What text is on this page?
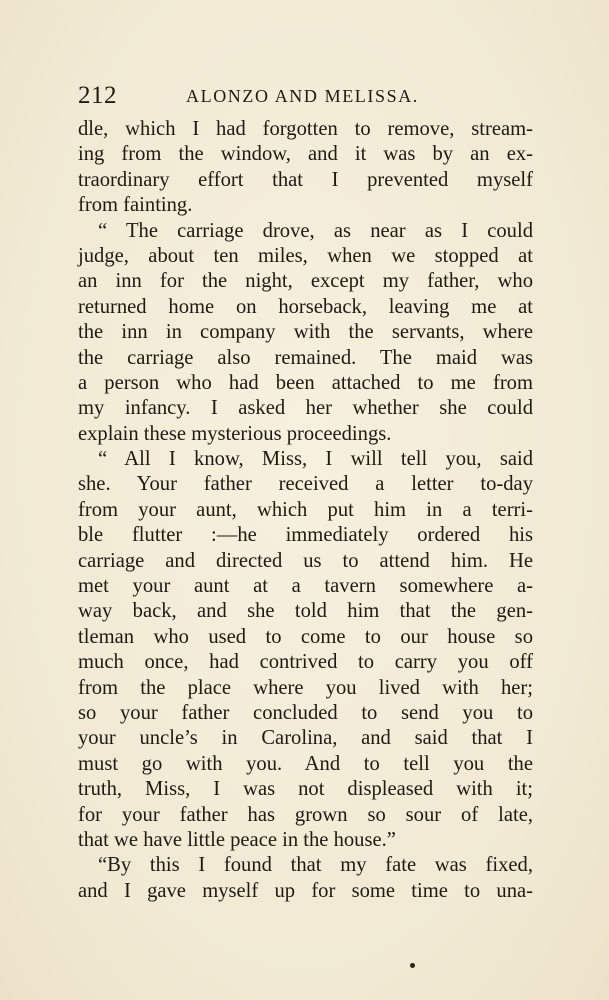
212	ALONZO AND MELISSA.
dle, which I had forgotten to remove, stream-
ing from the window, and it was by an ex-
traordinary effort that I prevented myself
from fainting.
“ The carriage drove, as near as I could
judge, about ten miles, when we stopped at
an inn for the night, except my father, who
returned home on horseback, leaving me at
the inn in company with the servants, where
the carriage also remained. The maid was
a person who had been attached to me from
my infancy. I asked her whether she could
explain these mysterious proceedings.
“ All I know, Miss, I will tell you, said
she. Your father received a letter to-day
from your aunt, which put him in a terri-
ble flutter :—he immediately ordered his
carriage and directed us to attend him. He
met your aunt at a tavern somewhere a-
way back, and she told him that the gen-
tleman who used to come to our house so
much once, had contrived to carry you off
from the place where you lived with her;
so your father concluded to send you to
your uncle’s in Carolina, and said that I
must go with you. And to tell you the
truth, Miss, I was not displeased with it;
for your father has grown so sour of late,
that we have little peace in the house.”
“By this I found that my fate was fixed,
and I gave myself up for some time to una-
